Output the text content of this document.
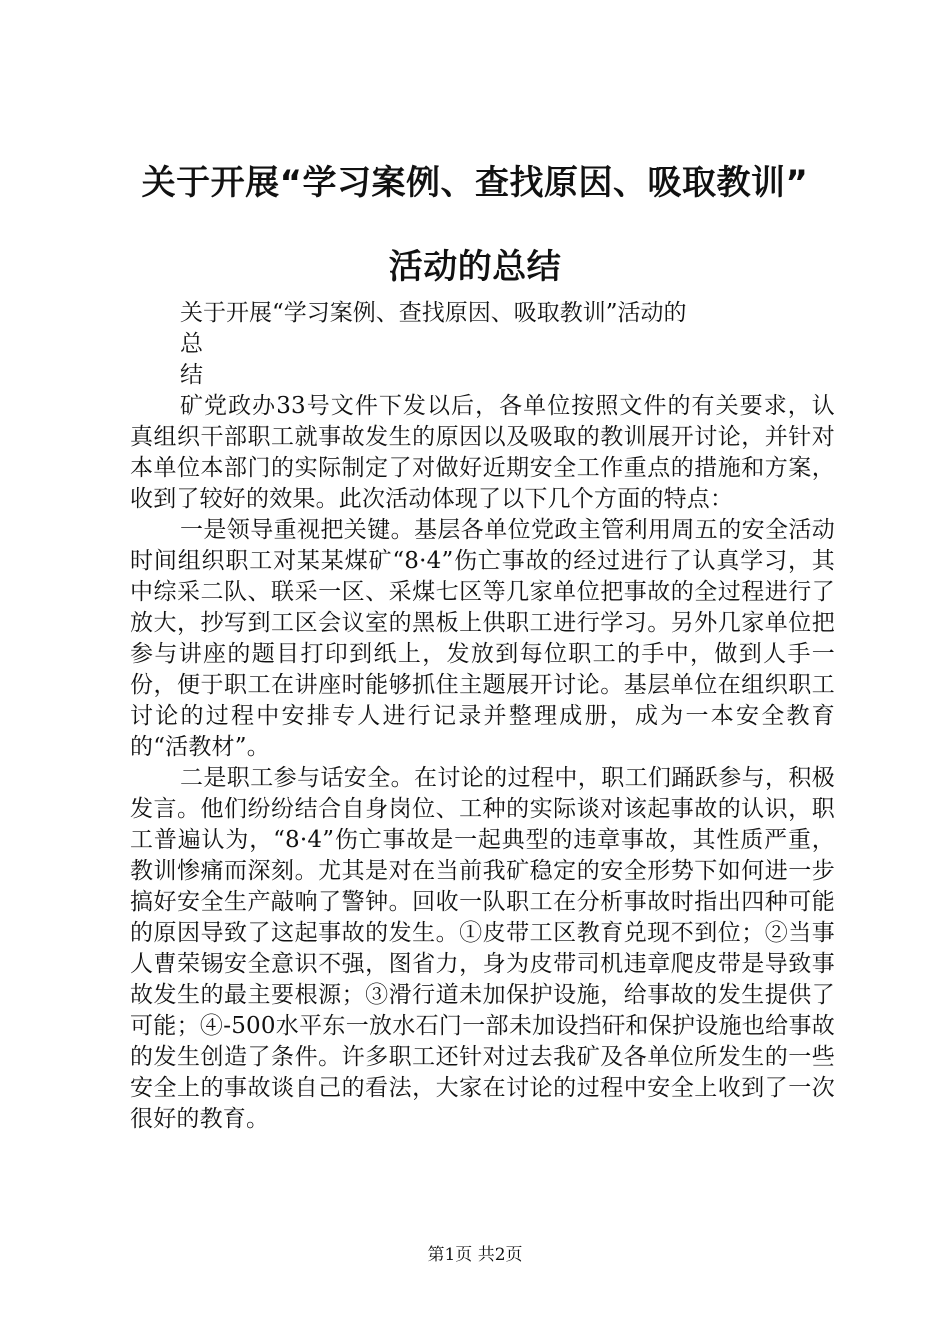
关于开展“学习案例、查找原因、吸取教训”
活动的总结

关于开展“学习案例、查找原因、吸取教训”活动的

总

结

矿党政办33号文件下发以后，各单位按照文件的有关要求，认真组织干部职工就事故发生的原因以及吸取的教训展开讨论，并针对本单位本部门的实际制定了对做好近期安全工作重点的措施和方案，收到了较好的效果。此次活动体现了以下几个方面的特点：

一是领导重视把关键。基层各单位党政主管利用周五的安全活动时间组织职工对某某煤矿“8·4”伤亡事故的经过进行了认真学习，其中综采二队、联采一区、采煤七区等几家单位把事故的全过程进行了放大，抄写到工区会议室的黑板上供职工进行学习。另外几家单位把参与讲座的题目打印到纸上，发放到每位职工的手中，做到人手一份，便于职工在讲座时能够抓住主题展开讨论。基层单位在组织职工讨论的过程中安排专人进行记录并整理成册，成为一本安全教育的“活教材”。

二是职工参与话安全。在讨论的过程中，职工们踊跃参与，积极发言。他们纷纷结合自身岗位、工种的实际谈对该起事故的认识，职工普遍认为，“8·4”伤亡事故是一起典型的违章事故，其性质严重，教训惨痛而深刻。尤其是对在当前我矿稳定的安全形势下如何进一步搞好安全生产敲响了警钟。回收一队职工在分析事故时指出四种可能的原因导致了这起事故的发生。①皮带工区教育兑现不到位；②当事人曹荣锡安全意识不强，图省力，身为皮带司机违章爬皮带是导致事故发生的最主要根源；③滑行道未加保护设施，给事故的发生提供了可能；④-500水平东一放水石门一部未加设挡矸和保护设施也给事故的发生创造了条件。许多职工还针对过去我矿及各单位所发生的一些安全上的事故谈自己的看法，大家在讨论的过程中安全上收到了一次很好的教育。

第1页 共2页
